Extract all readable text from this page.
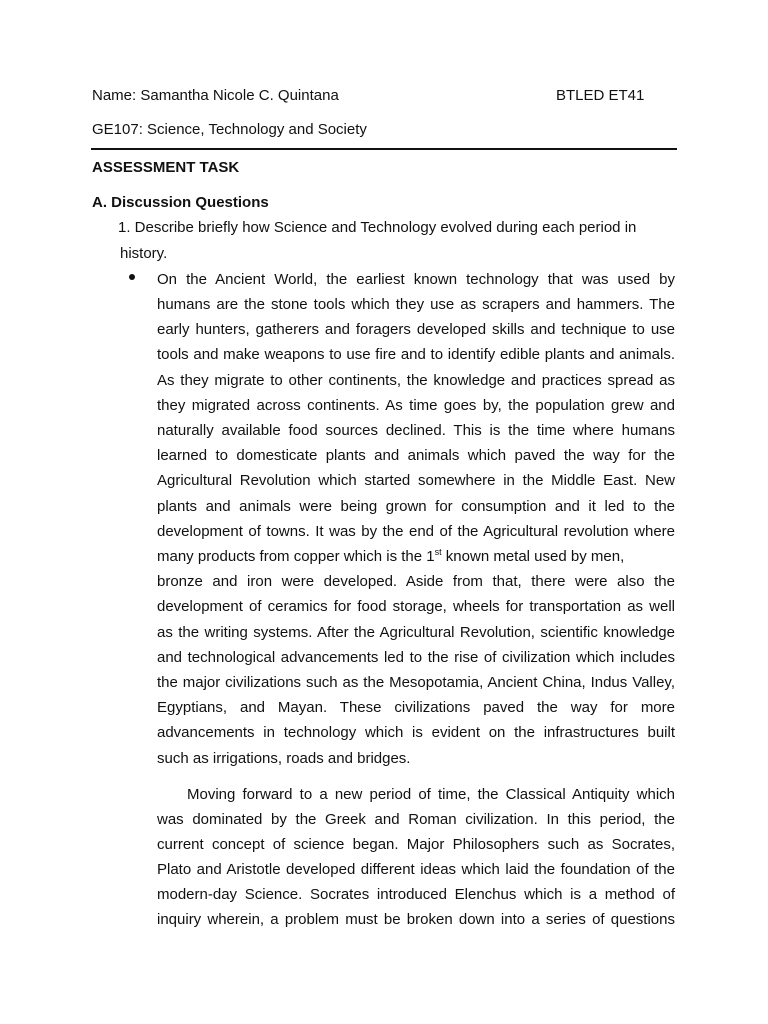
Name: Samantha Nicole C. Quintana	BTLED ET41
GE107: Science, Technology and Society
ASSESSMENT TASK
A. Discussion Questions
1. Describe briefly how Science and Technology evolved during each period in
history.
On the Ancient World, the earliest known technology that was used by
humans are the stone tools which they use as scrapers and hammers. The
early hunters, gatherers and foragers developed skills and technique to use
tools and make weapons to use fire and to identify edible plants and animals.
As they migrate to other continents, the knowledge and practices spread as
they migrated across continents. As time goes by, the population grew and
naturally available food sources declined. This is the time where humans
learned to domesticate plants and animals which paved the way for the
Agricultural Revolution which started somewhere in the Middle East. New
plants and animals were being grown for consumption and it led to the
development of towns. It was by the end of the Agricultural revolution where
many products from copper which is the 1st known metal used by men,
bronze and iron were developed. Aside from that, there were also the
development of ceramics for food storage, wheels for transportation as well
as the writing systems. After the Agricultural Revolution, scientific knowledge
and technological advancements led to the rise of civilization which includes
the major civilizations such as the Mesopotamia, Ancient China, Indus Valley,
Egyptians, and Mayan. These civilizations paved the way for more
advancements in technology which is evident on the infrastructures built
such as irrigations, roads and bridges.
Moving forward to a new period of time, the Classical Antiquity which
was dominated by the Greek and Roman civilization. In this period, the
current concept of science began. Major Philosophers such as Socrates,
Plato and Aristotle developed different ideas which laid the foundation of the
modern-day Science. Socrates introduced Elenchus which is a method of
inquiry wherein, a problem must be broken down into a series of questions
